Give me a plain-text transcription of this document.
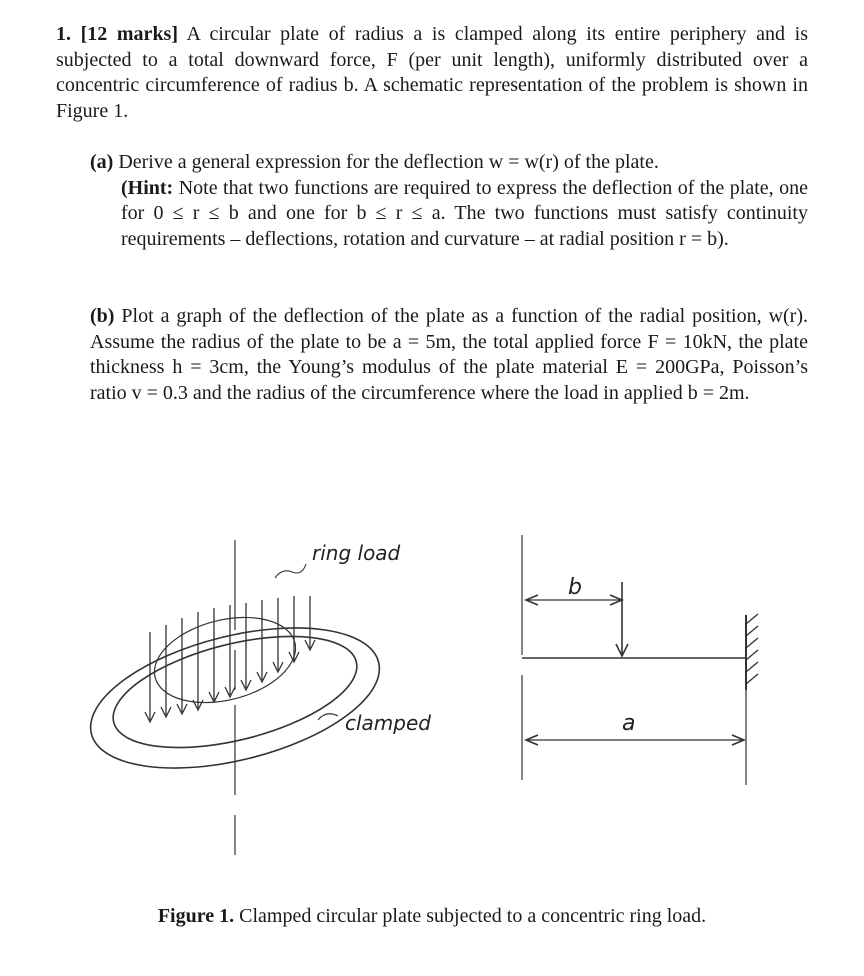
1. [12 marks] A circular plate of radius a is clamped along its entire periphery and is subjected to a total downward force, F (per unit length), uniformly distributed over a concentric circumference of radius b. A schematic representation of the problem is shown in Figure 1.
(a) Derive a general expression for the deflection w = w(r) of the plate.
(Hint: Note that two functions are required to express the deflection of the plate, one for 0 ≤ r ≤ b and one for b ≤ r ≤ a. The two functions must satisfy continuity requirements – deflections, rotation and curvature – at radial position r = b).
(b) Plot a graph of the deflection of the plate as a function of the radial position, w(r). Assume the radius of the plate to be a = 5m, the total applied force F = 10kN, the plate thickness h = 3cm, the Young’s modulus of the plate material E = 200GPa, Poisson’s ratio v = 0.3 and the radius of the circumference where the load in applied b = 2m.
ring load
clamped
b
a
Figure 1. Clamped circular plate subjected to a concentric ring load.
